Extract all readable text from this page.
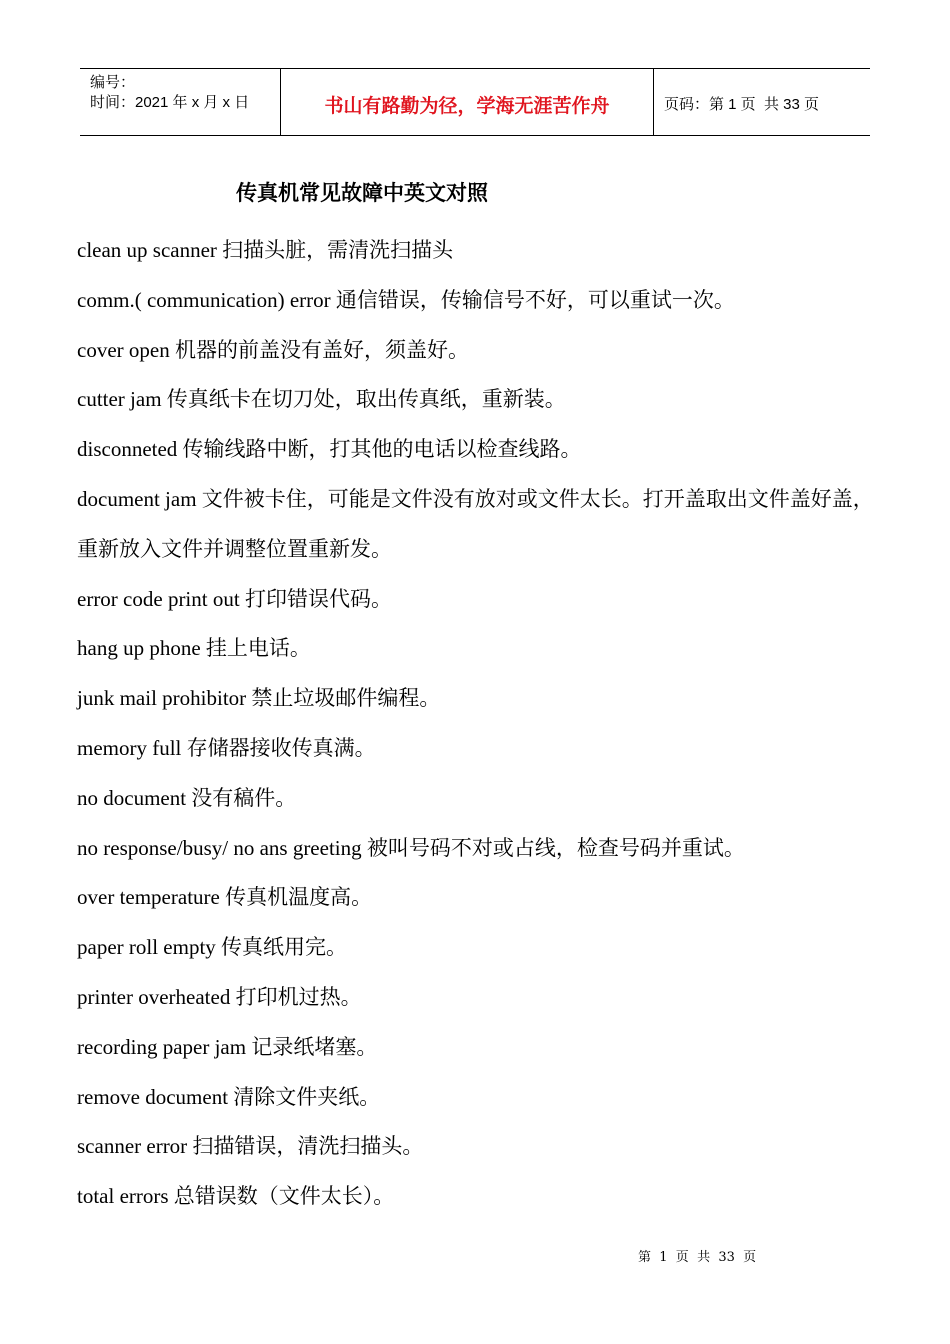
编号：
时间：2021 年 x 月 x 日	书山有路勤为径，学海无涯苦作舟	页码：第 1 页  共 33 页
传真机常见故障中英文对照
clean up scanner 扫描头脏，需清洗扫描头
comm.( communication) error 通信错误，传输信号不好，可以重试一次。
cover open 机器的前盖没有盖好，须盖好。
cutter jam 传真纸卡在切刀处，取出传真纸，重新装。
disconneted 传输线路中断，打其他的电话以检查线路。
document jam 文件被卡住，可能是文件没有放对或文件太长。打开盖取出文件盖好盖，重新放入文件并调整位置重新发。
error code print out 打印错误代码。
hang up phone 挂上电话。
junk mail prohibitor 禁止垃圾邮件编程。
memory full 存储器接收传真满。
no document 没有稿件。
no response/busy/ no ans greeting 被叫号码不对或占线，检查号码并重试。
over temperature 传真机温度高。
paper roll empty 传真纸用完。
printer overheated 打印机过热。
recording paper jam 记录纸堵塞。
remove document 清除文件夹纸。
scanner error 扫描错误，清洗扫描头。
total errors 总错误数（文件太长）。
第  1  页  共  33  页
